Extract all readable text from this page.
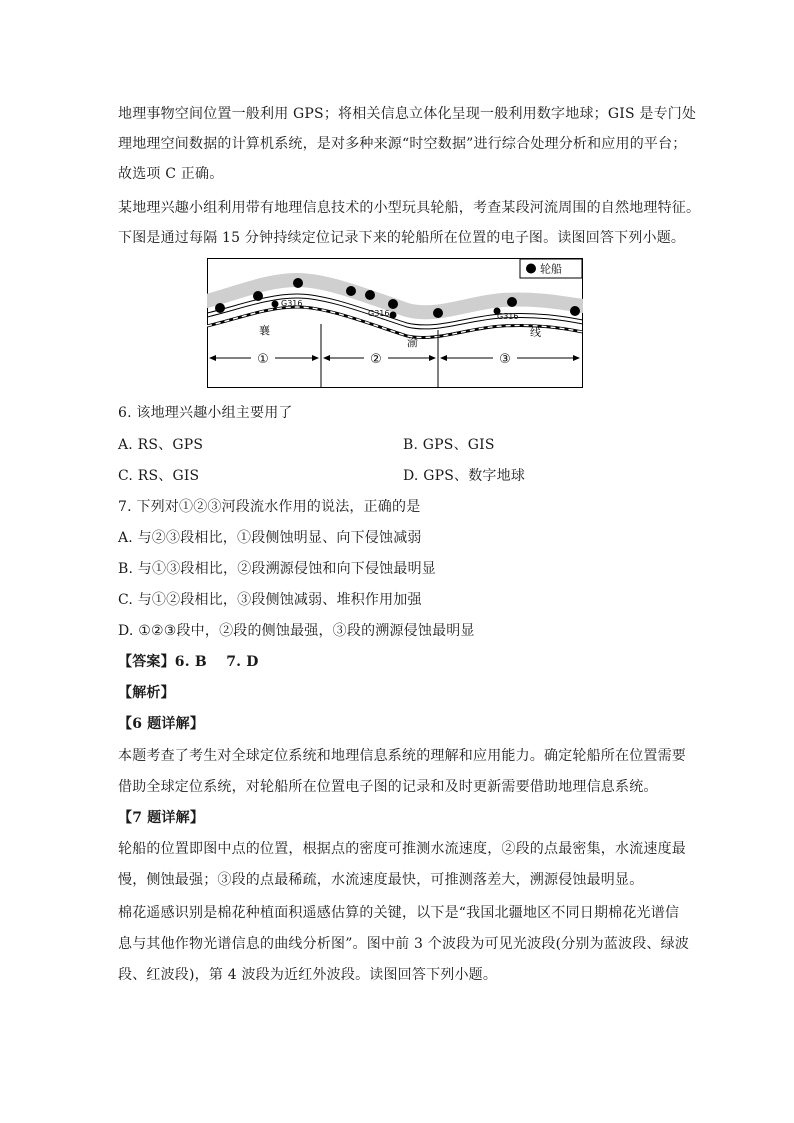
地理事物空间位置一般利用 GPS；将相关信息立体化呈现一般利用数字地球；GIS 是专门处
理地理空间数据的计算机系统，是对多种来源“时空数据”进行综合处理分析和应用的平台；
故选项 C 正确。
某地理兴趣小组利用带有地理信息技术的小型玩具轮船，考查某段河流周围的自然地理特征。
下图是通过每隔 15 分钟持续定位记录下来的轮船所在位置的电子图。读图回答下列小题。
G316
G316	G316
襄
渝
线
轮船
①	②	③
6. 该地理兴趣小组主要用了
A. RS、GPS	B. GPS、GIS
C. RS、GIS	D. GPS、数字地球
7. 下列对①②③河段流水作用的说法，正确的是
A. 与②③段相比，①段侧蚀明显、向下侵蚀减弱
B. 与①③段相比，②段溯源侵蚀和向下侵蚀最明显
C. 与①②段相比，③段侧蚀减弱、堆积作用加强
D. ①②③段中，②段的侧蚀最强，③段的溯源侵蚀最明显
【答案】6. B　 7. D
【解析】
【6 题详解】
本题考查了考生对全球定位系统和地理信息系统的理解和应用能力。确定轮船所在位置需要
借助全球定位系统，对轮船所在位置电子图的记录和及时更新需要借助地理信息系统。
【7 题详解】
轮船的位置即图中点的位置，根据点的密度可推测水流速度，②段的点最密集，水流速度最
慢，侧蚀最强；③段的点最稀疏，水流速度最快，可推测落差大，溯源侵蚀最明显。
棉花遥感识别是棉花种植面积遥感估算的关键，以下是“我国北疆地区不同日期棉花光谱信
息与其他作物光谱信息的曲线分析图”。图中前 3 个波段为可见光波段(分别为蓝波段、绿波
段、红波段)，第 4 波段为近红外波段。读图回答下列小题。
